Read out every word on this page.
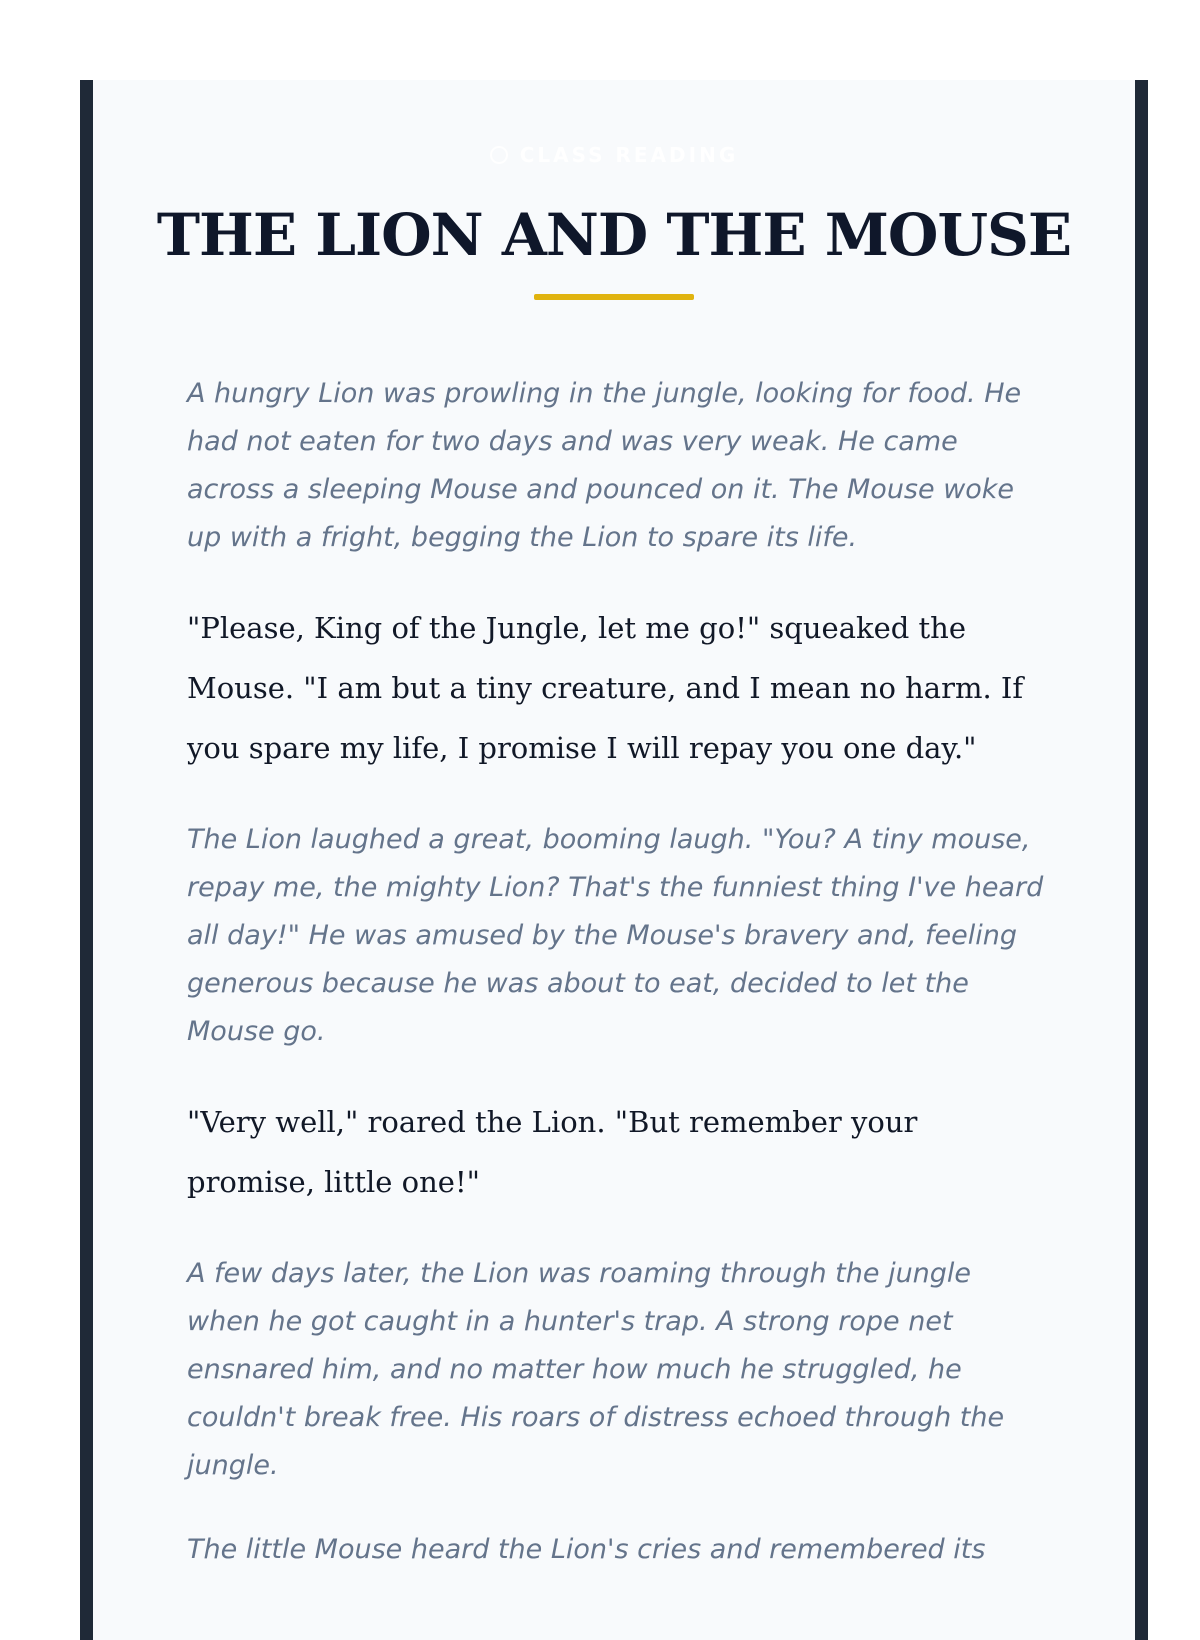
CLASS READING
THE LION AND THE MOUSE

A hungry Lion was prowling in the jungle, looking for food. He had not eaten for two days and was very weak. He came across a sleeping Mouse and pounced on it. The Mouse woke up with a fright, begging the Lion to spare its life.

"Please, King of the Jungle, let me go!" squeaked the Mouse. "I am but a tiny creature, and I mean no harm. If you spare my life, I promise I will repay you one day."

The Lion laughed a great, booming laugh. "You? A tiny mouse, repay me, the mighty Lion? That's the funniest thing I've heard all day!" He was amused by the Mouse's bravery and, feeling generous because he was about to eat, decided to let the Mouse go.

"Very well," roared the Lion. "But remember your promise, little one!"

A few days later, the Lion was roaming through the jungle when he got caught in a hunter's trap. A strong rope net ensnared him, and no matter how much he struggled, he couldn't break free. His roars of distress echoed through the jungle.

The little Mouse heard the Lion's cries and remembered its
